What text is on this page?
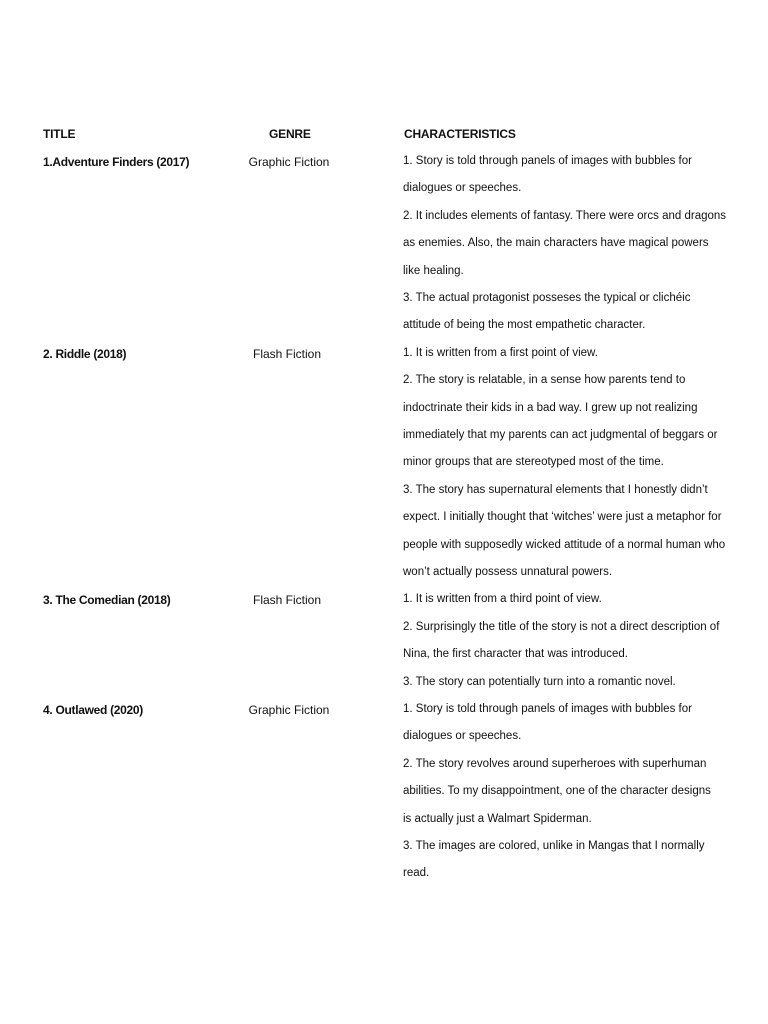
TITLE	GENRE	CHARACTERISTICS
1.Adventure Finders (2017)	Graphic Fiction	1. Story is told through panels of images with bubbles for
dialogues or speeches.
2. It includes elements of fantasy. There were orcs and dragons
as enemies. Also, the main characters have magical powers
like healing.
3. The actual protagonist posseses the typical or clichéic
attitude of being the most empathetic character.
2. Riddle (2018)	Flash Fiction	1. It is written from a first point of view.
2. The story is relatable, in a sense how parents tend to
indoctrinate their kids in a bad way. I grew up not realizing
immediately that my parents can act judgmental of beggars or
minor groups that are stereotyped most of the time.
3. The story has supernatural elements that I honestly didn’t
expect. I initially thought that ‘witches’ were just a metaphor for
people with supposedly wicked attitude of a normal human who
won’t actually possess unnatural powers.
3. The Comedian (2018)	Flash Fiction	1. It is written from a third point of view.
2. Surprisingly the title of the story is not a direct description of
Nina, the first character that was introduced.
3. The story can potentially turn into a romantic novel.
4. Outlawed (2020)	Graphic Fiction	1. Story is told through panels of images with bubbles for
dialogues or speeches.
2. The story revolves around superheroes with superhuman
abilities. To my disappointment, one of the character designs
is actually just a Walmart Spiderman.
3. The images are colored, unlike in Mangas that I normally
read.
